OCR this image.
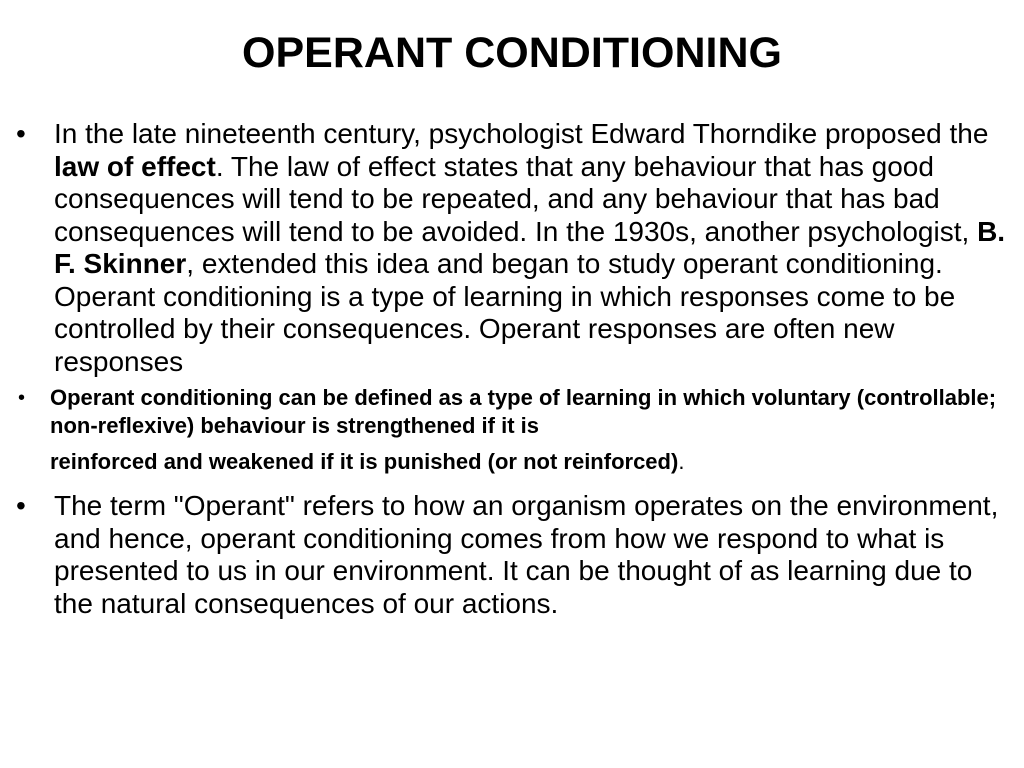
OPERANT CONDITIONING
•	In the late nineteenth century, psychologist Edward Thorndike proposed the law of effect. The law of effect states that any behaviour that has good consequences will tend to be repeated, and any behaviour that has bad consequences will tend to be avoided. In the 1930s, another psychologist, B. F. Skinner, extended this idea and began to study operant conditioning. Operant conditioning is a type of learning in which responses come to be controlled by their consequences. Operant responses are often new responses
•	Operant conditioning can be defined as a type of learning in which voluntary (controllable; non-reflexive) behaviour is strengthened if it is
reinforced and weakened if it is punished (or not reinforced).
•	The term "Operant" refers to how an organism operates on the environment, and hence, operant conditioning comes from how we respond to what is presented to us in our environment. It can be thought of as learning due to the natural consequences of our actions.
